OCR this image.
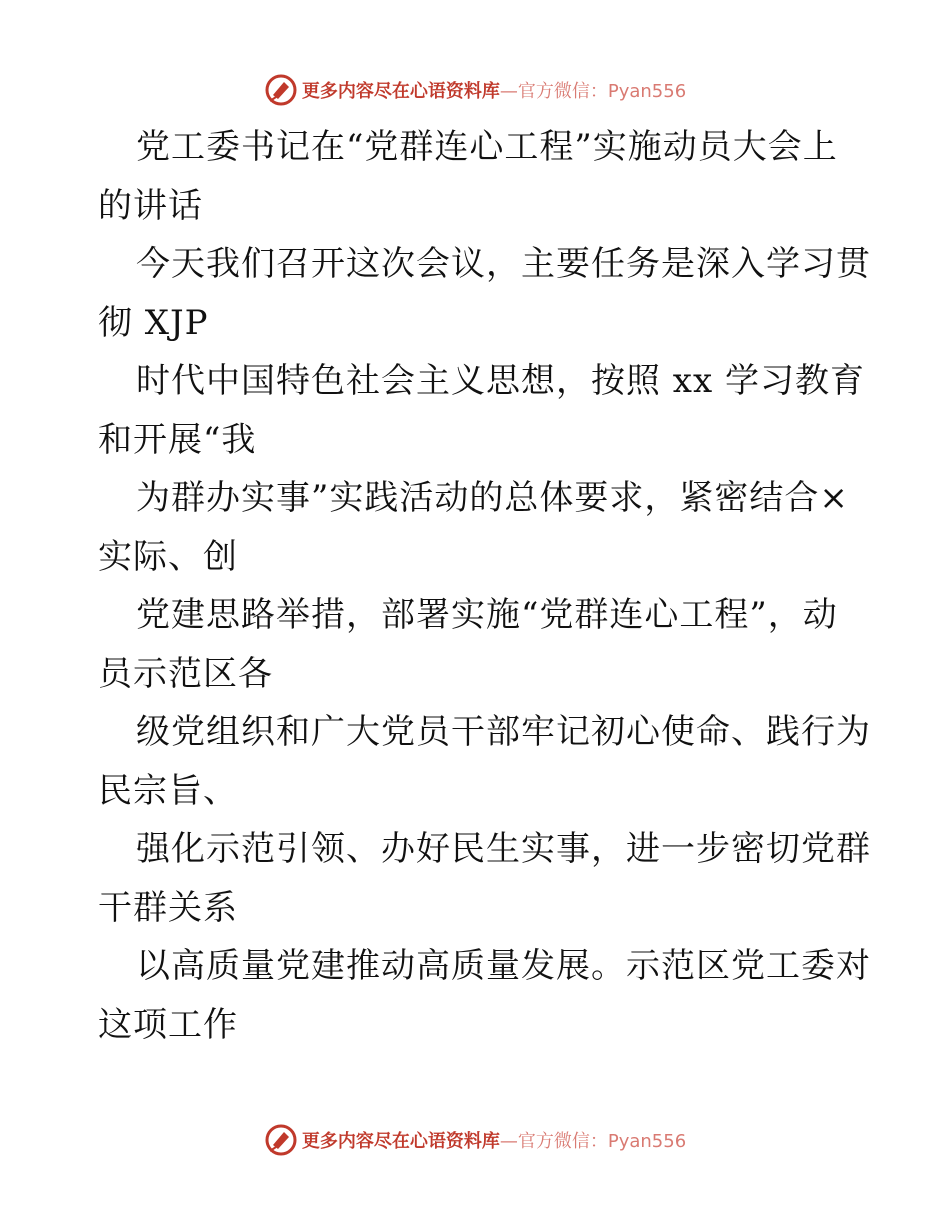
更多内容尽在心语资料库 —官方微信：Pyan556

党工委书记在“党群连心工程”实施动员大会上

的讲话

今天我们召开这次会议，主要任务是深入学习贯

彻 XJP

时代中国特色社会主义思想，按照 xx 学习教育

和开展“我

为群办实事”实践活动的总体要求，紧密结合×

实际、创

党建思路举措，部署实施“党群连心工程”，动

员示范区各

级党组织和广大党员干部牢记初心使命、践行为

民宗旨、

强化示范引领、办好民生实事，进一步密切党群

干群关系

以高质量党建推动高质量发展。示范区党工委对

这项工作

更多内容尽在心语资料库 —官方微信：Pyan556
